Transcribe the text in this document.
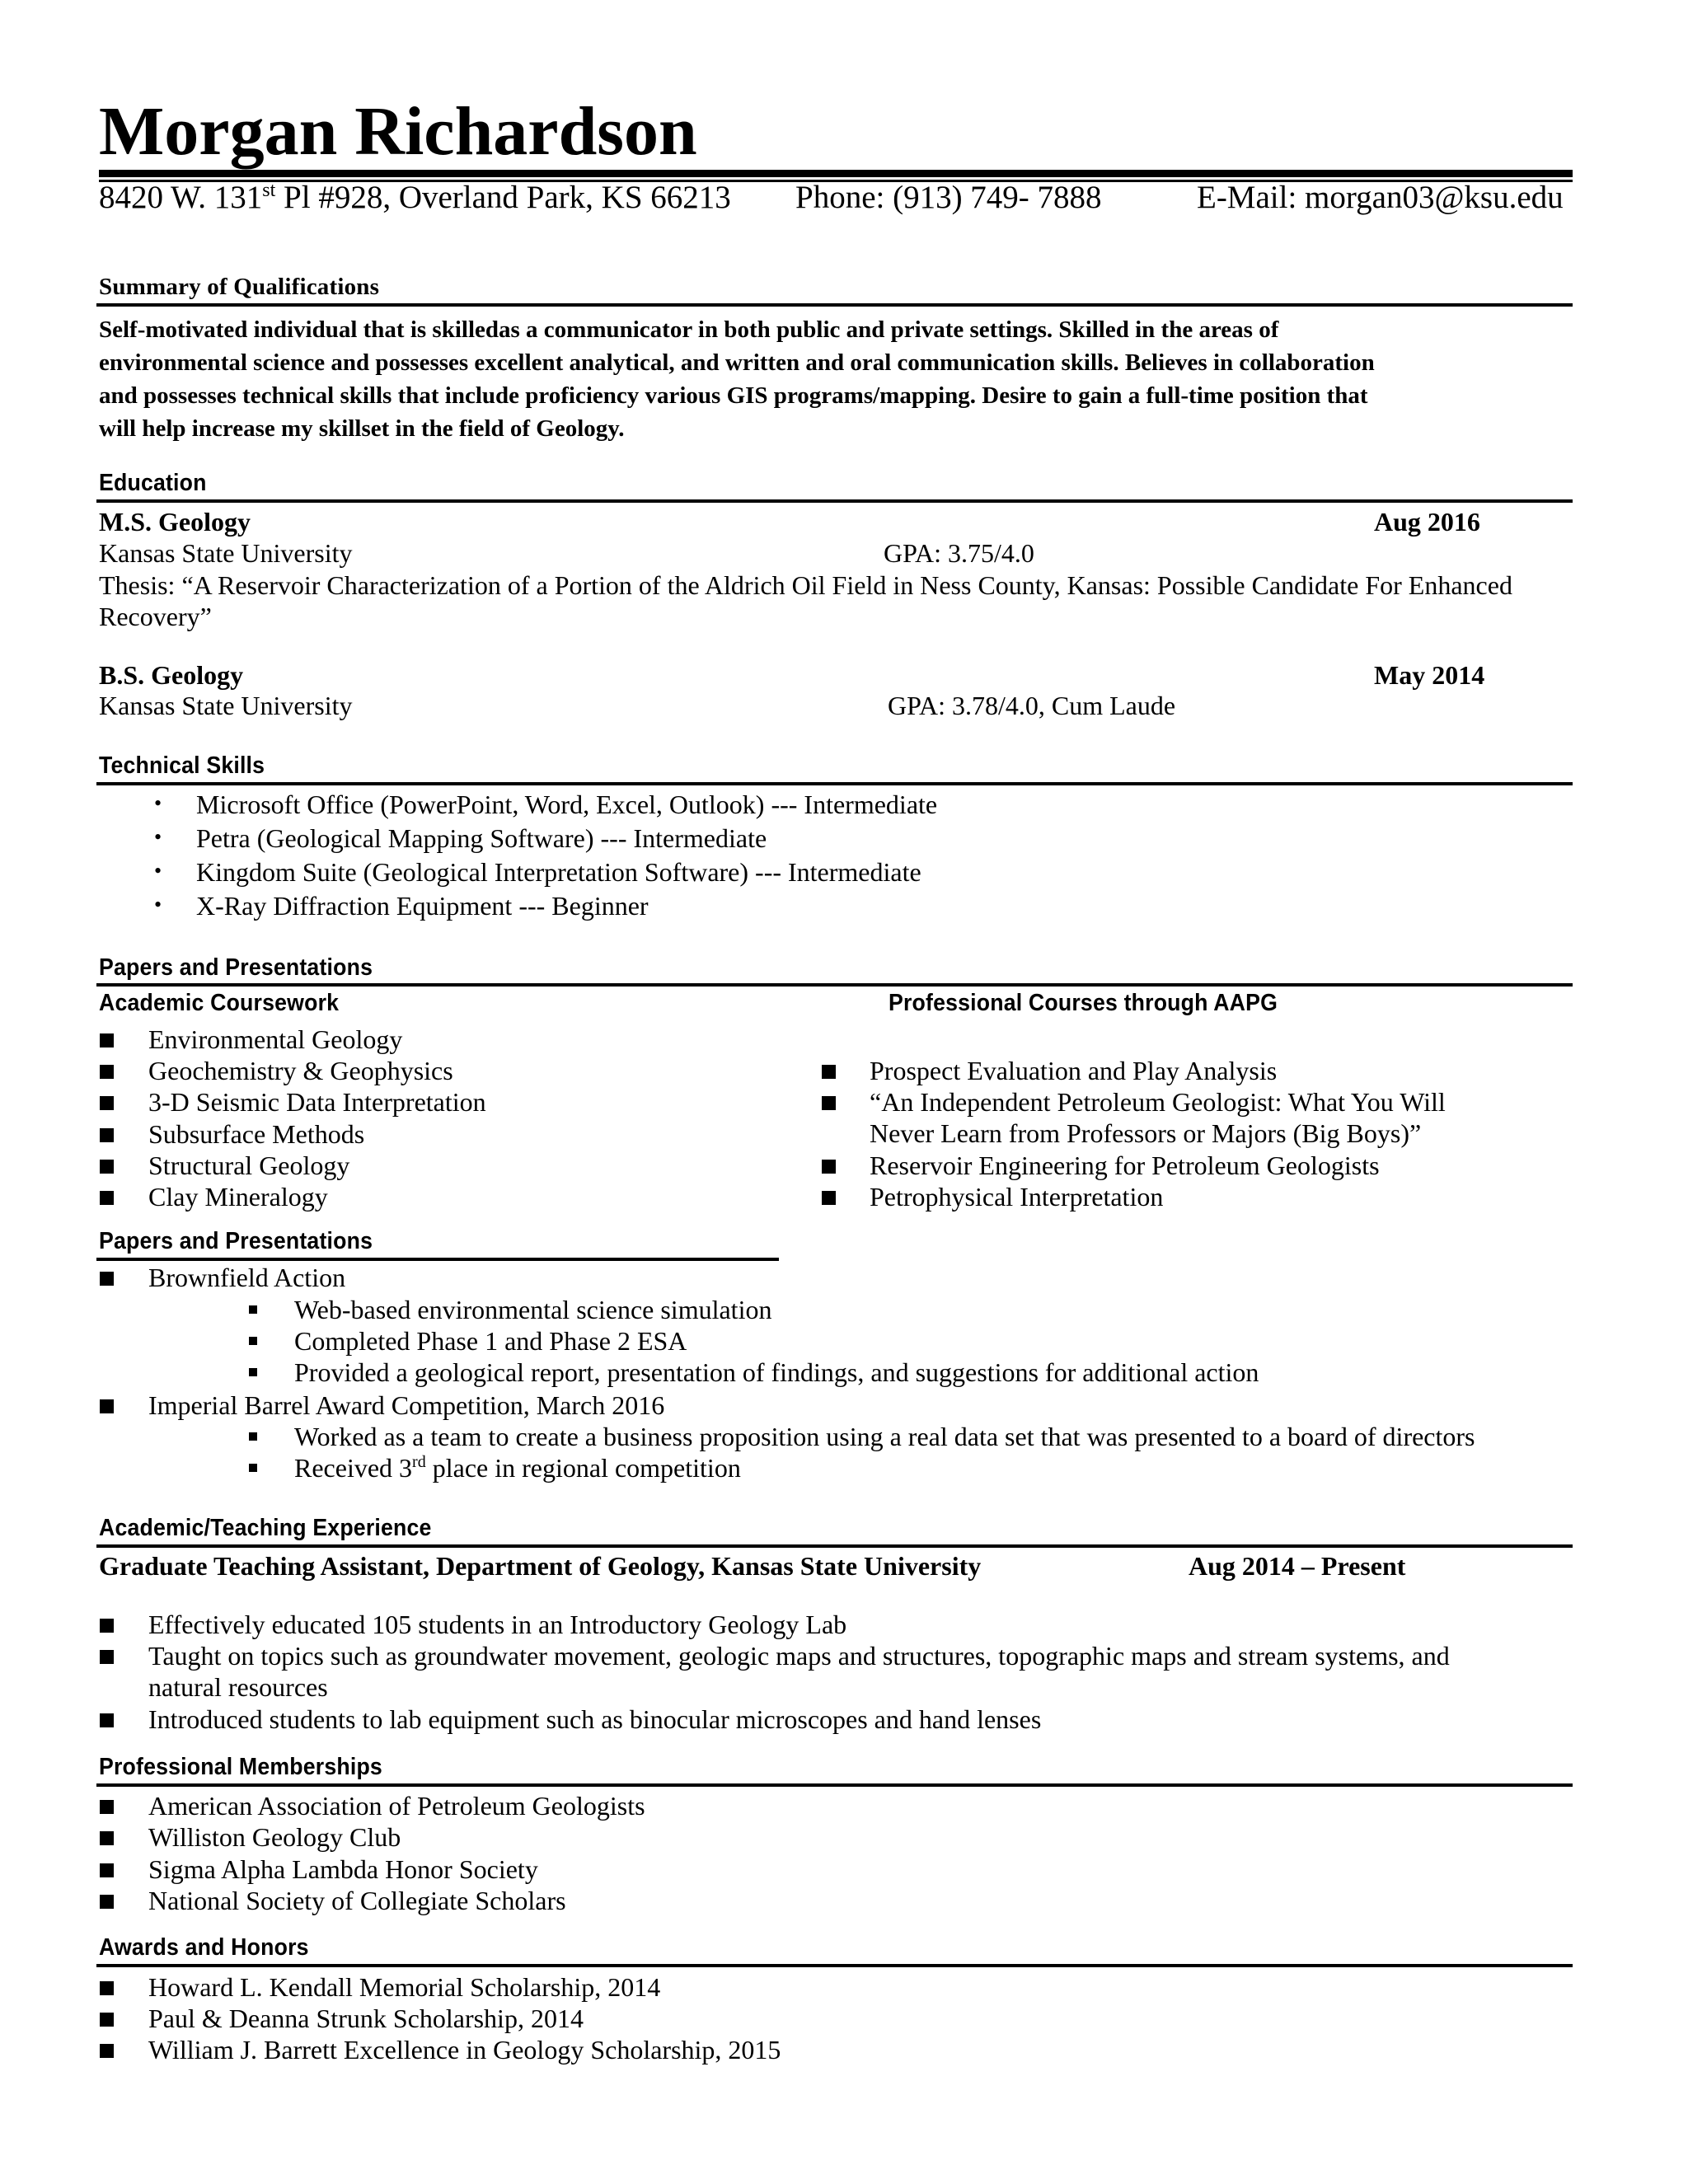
Morgan Richardson
8420 W. 131st Pl #928, Overland Park, KS 66213 Phone: (913) 749- 7888	E-Mail: morgan03@ksu.edu
Summary of Qualifications
Self-motivated individual that is skilledas a communicator in both public and private settings. Skilled in the areas of
environmental science and possesses excellent analytical, and written and oral communication skills. Believes in collaboration
and possesses technical skills that include proficiency various GIS programs/mapping. Desire to gain a full-time position that
will help increase my skillset in the field of Geology.
Education
M.S. Geology	Aug 2016
Kansas State University	GPA: 3.75/4.0
Thesis: “A Reservoir Characterization of a Portion of the Aldrich Oil Field in Ness County, Kansas: Possible Candidate For Enhanced
Recovery”
B.S. Geology	May 2014
Kansas State University	GPA: 3.78/4.0, Cum Laude
Technical Skills
• Microsoft Office (PowerPoint, Word, Excel, Outlook) --- Intermediate
• Petra (Geological Mapping Software) --- Intermediate
• Kingdom Suite (Geological Interpretation Software) --- Intermediate
• X-Ray Diffraction Equipment --- Beginner
Papers and Presentations
Academic Coursework	Professional Courses through AAPG
Environmental Geology
Geochemistry & Geophysics
3-D Seismic Data Interpretation
Subsurface Methods
Structural Geology
Clay Mineralogy
Prospect Evaluation and Play Analysis
“An Independent Petroleum Geologist: What You Will
Never Learn from Professors or Majors (Big Boys)”
Reservoir Engineering for Petroleum Geologists
Petrophysical Interpretation
Papers and Presentations
Brownfield Action
Web-based environmental science simulation
Completed Phase 1 and Phase 2 ESA
Provided a geological report, presentation of findings, and suggestions for additional action
Imperial Barrel Award Competition, March 2016
Worked as a team to create a business proposition using a real data set that was presented to a board of directors
Received 3rd place in regional competition
Academic/Teaching Experience
Graduate Teaching Assistant, Department of Geology, Kansas State University	Aug 2014 – Present
Effectively educated 105 students in an Introductory Geology Lab
Taught on topics such as groundwater movement, geologic maps and structures, topographic maps and stream systems, and
natural resources
Introduced students to lab equipment such as binocular microscopes and hand lenses
Professional Memberships
American Association of Petroleum Geologists
Williston Geology Club
Sigma Alpha Lambda Honor Society
National Society of Collegiate Scholars
Awards and Honors
Howard L. Kendall Memorial Scholarship, 2014
Paul & Deanna Strunk Scholarship, 2014
William J. Barrett Excellence in Geology Scholarship, 2015
